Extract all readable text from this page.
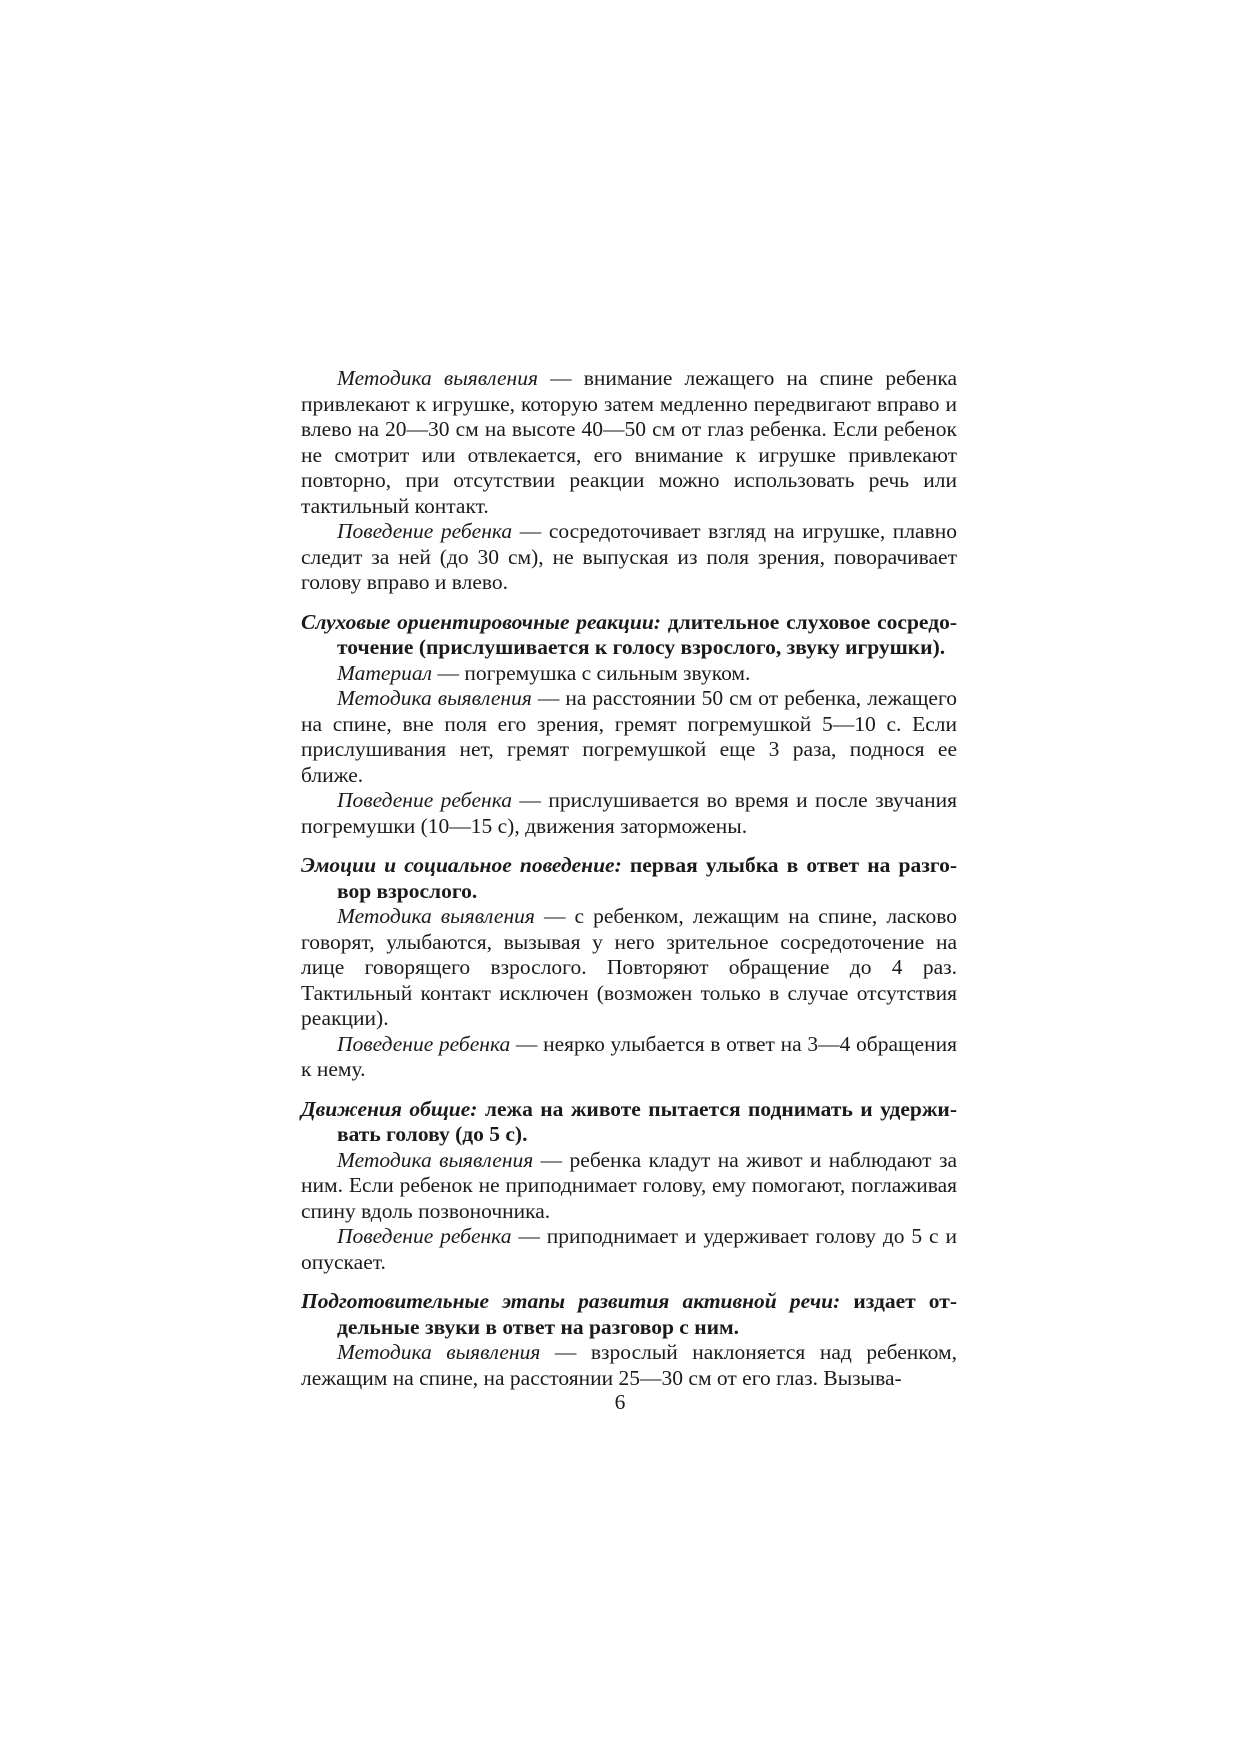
Методика выявления — внимание лежащего на спине ребенка привлекают к игрушке, которую затем медленно передвигают вправо и влево на 20—30 см на высоте 40—50 см от глаз ребенка. Если ребенок не смотрит или отвлекается, его внимание к игрушке привлекают повторно, при отсутствии реакции можно использовать речь или тактильный контакт.

Поведение ребенка — сосредоточивает взгляд на игрушке, плавно следит за ней (до 30 см), не выпуская из поля зрения, поворачивает голову вправо и влево.

Слуховые ориентировочные реакции: длительное слуховое сосредоточение (прислушивается к голосу взрослого, звуку игрушки).

Материал — погремушка с сильным звуком.

Методика выявления — на расстоянии 50 см от ребенка, лежащего на спине, вне поля его зрения, гремят погремушкой 5—10 с. Если прислушивания нет, гремят погремушкой еще 3 раза, поднося ее ближе.

Поведение ребенка — прислушивается во время и после звучания погремушки (10—15 с), движения заторможены.

Эмоции и социальное поведение: первая улыбка в ответ на разговор взрослого.

Методика выявления — с ребенком, лежащим на спине, ласково говорят, улыбаются, вызывая у него зрительное сосредоточение на лице говорящего взрослого. Повторяют обращение до 4 раз. Тактильный контакт исключен (возможен только в случае отсутствия реакции).

Поведение ребенка — неярко улыбается в ответ на 3—4 обращения к нему.

Движения общие: лежа на животе пытается поднимать и удерживать голову (до 5 с).

Методика выявления — ребенка кладут на живот и наблюдают за ним. Если ребенок не приподнимает голову, ему помогают, поглаживая спину вдоль позвоночника.

Поведение ребенка — приподнимает и удерживает голову до 5 с и опускает.

Подготовительные этапы развития активной речи: издает отдельные звуки в ответ на разговор с ним.

Методика выявления — взрослый наклоняется над ребенком, лежащим на спине, на расстоянии 25—30 см от его глаз. Вызыва-

6
